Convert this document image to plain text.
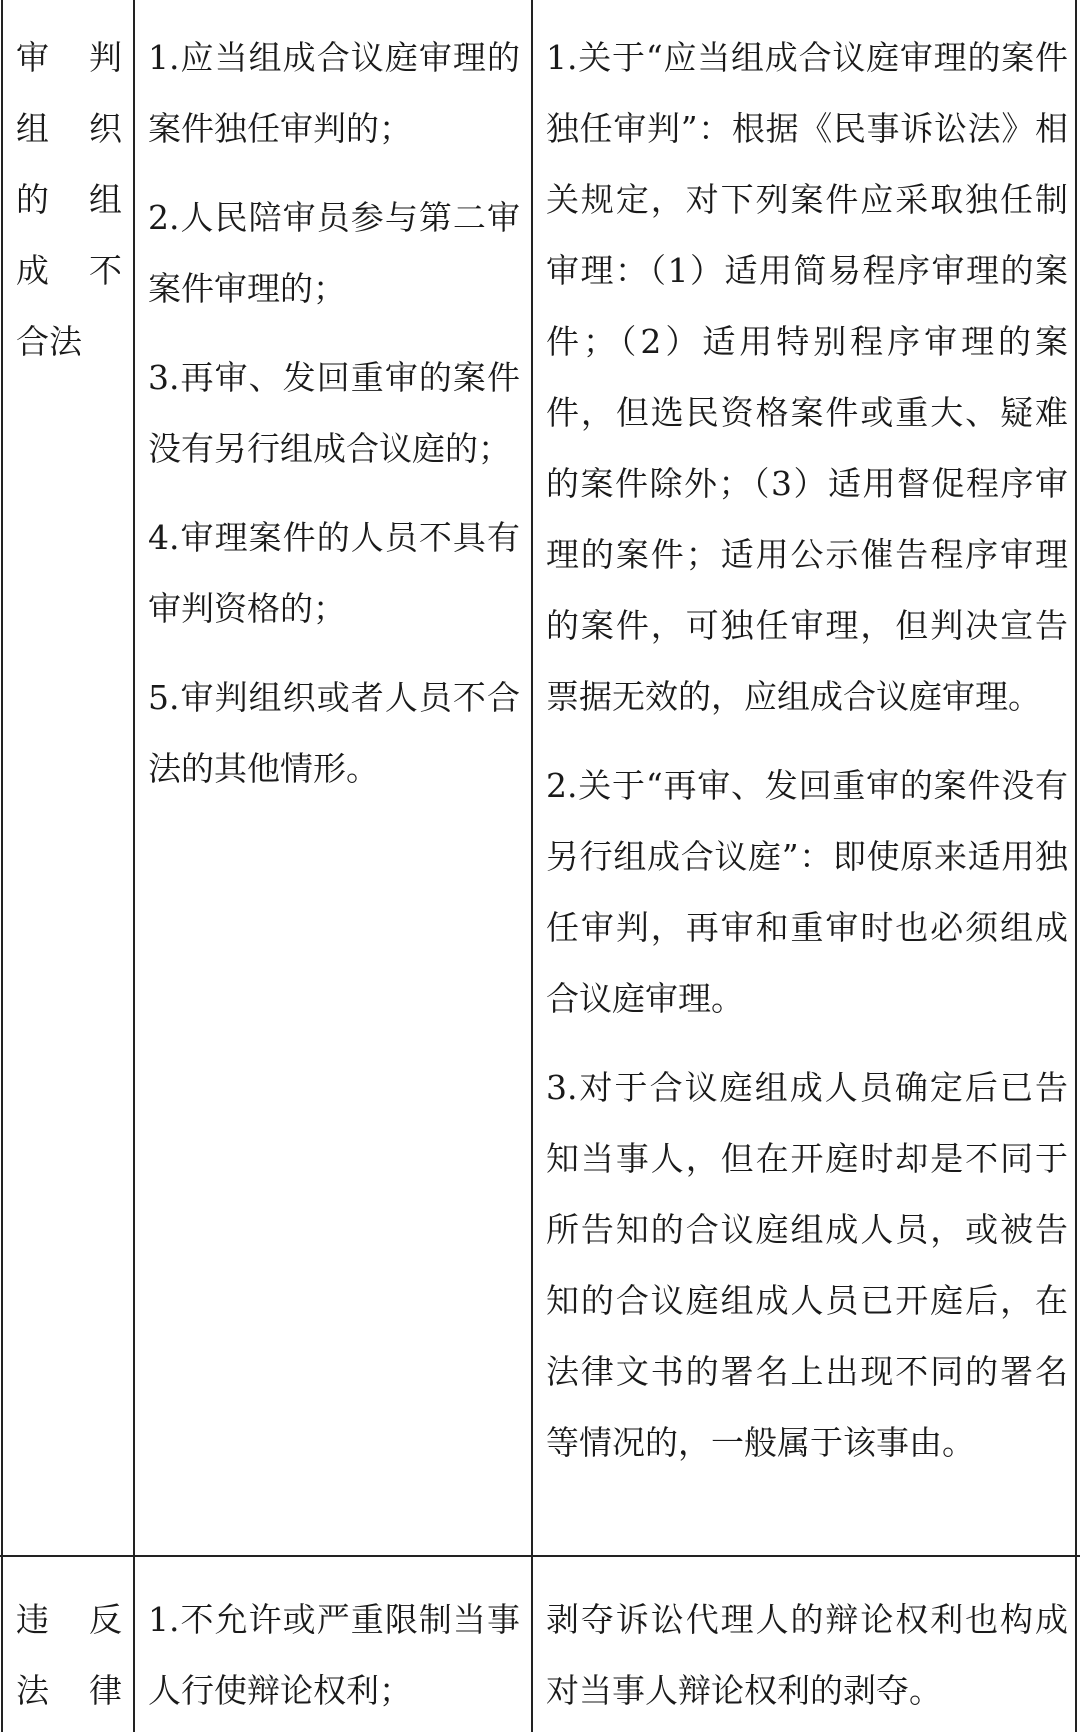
审 判
组 织
的 组
成 不
合法

1.应当组成合议庭审理的案件独任审判的；

2.人民陪审员参与第二审案件审理的；

3.再审、发回重审的案件没有另行组成合议庭的；

4.审理案件的人员不具有审判资格的；

5.审判组织或者人员不合法的其他情形。

1.关于“应当组成合议庭审理的案件独任审判”：根据《民事诉讼法》相关规定，对下列案件应采取独任制审理：（1）适用简易程序审理的案件；（2）适用特别程序审理的案件，但选民资格案件或重大、疑难的案件除外；（3）适用督促程序审理的案件；适用公示催告程序审理的案件，可独任审理，但判决宣告票据无效的，应组成合议庭审理。

2.关于“再审、发回重审的案件没有另行组成合议庭”：即使原来适用独任审判，再审和重审时也必须组成合议庭审理。

3.对于合议庭组成人员确定后已告知当事人，但在开庭时却是不同于所告知的合议庭组成人员，或被告知的合议庭组成人员已开庭后，在法律文书的署名上出现不同的署名等情况的，一般属于该事由。

违 反
法 律

1.不允许或严重限制当事人行使辩论权利；

剥夺诉讼代理人的辩论权利也构成对当事人辩论权利的剥夺。
